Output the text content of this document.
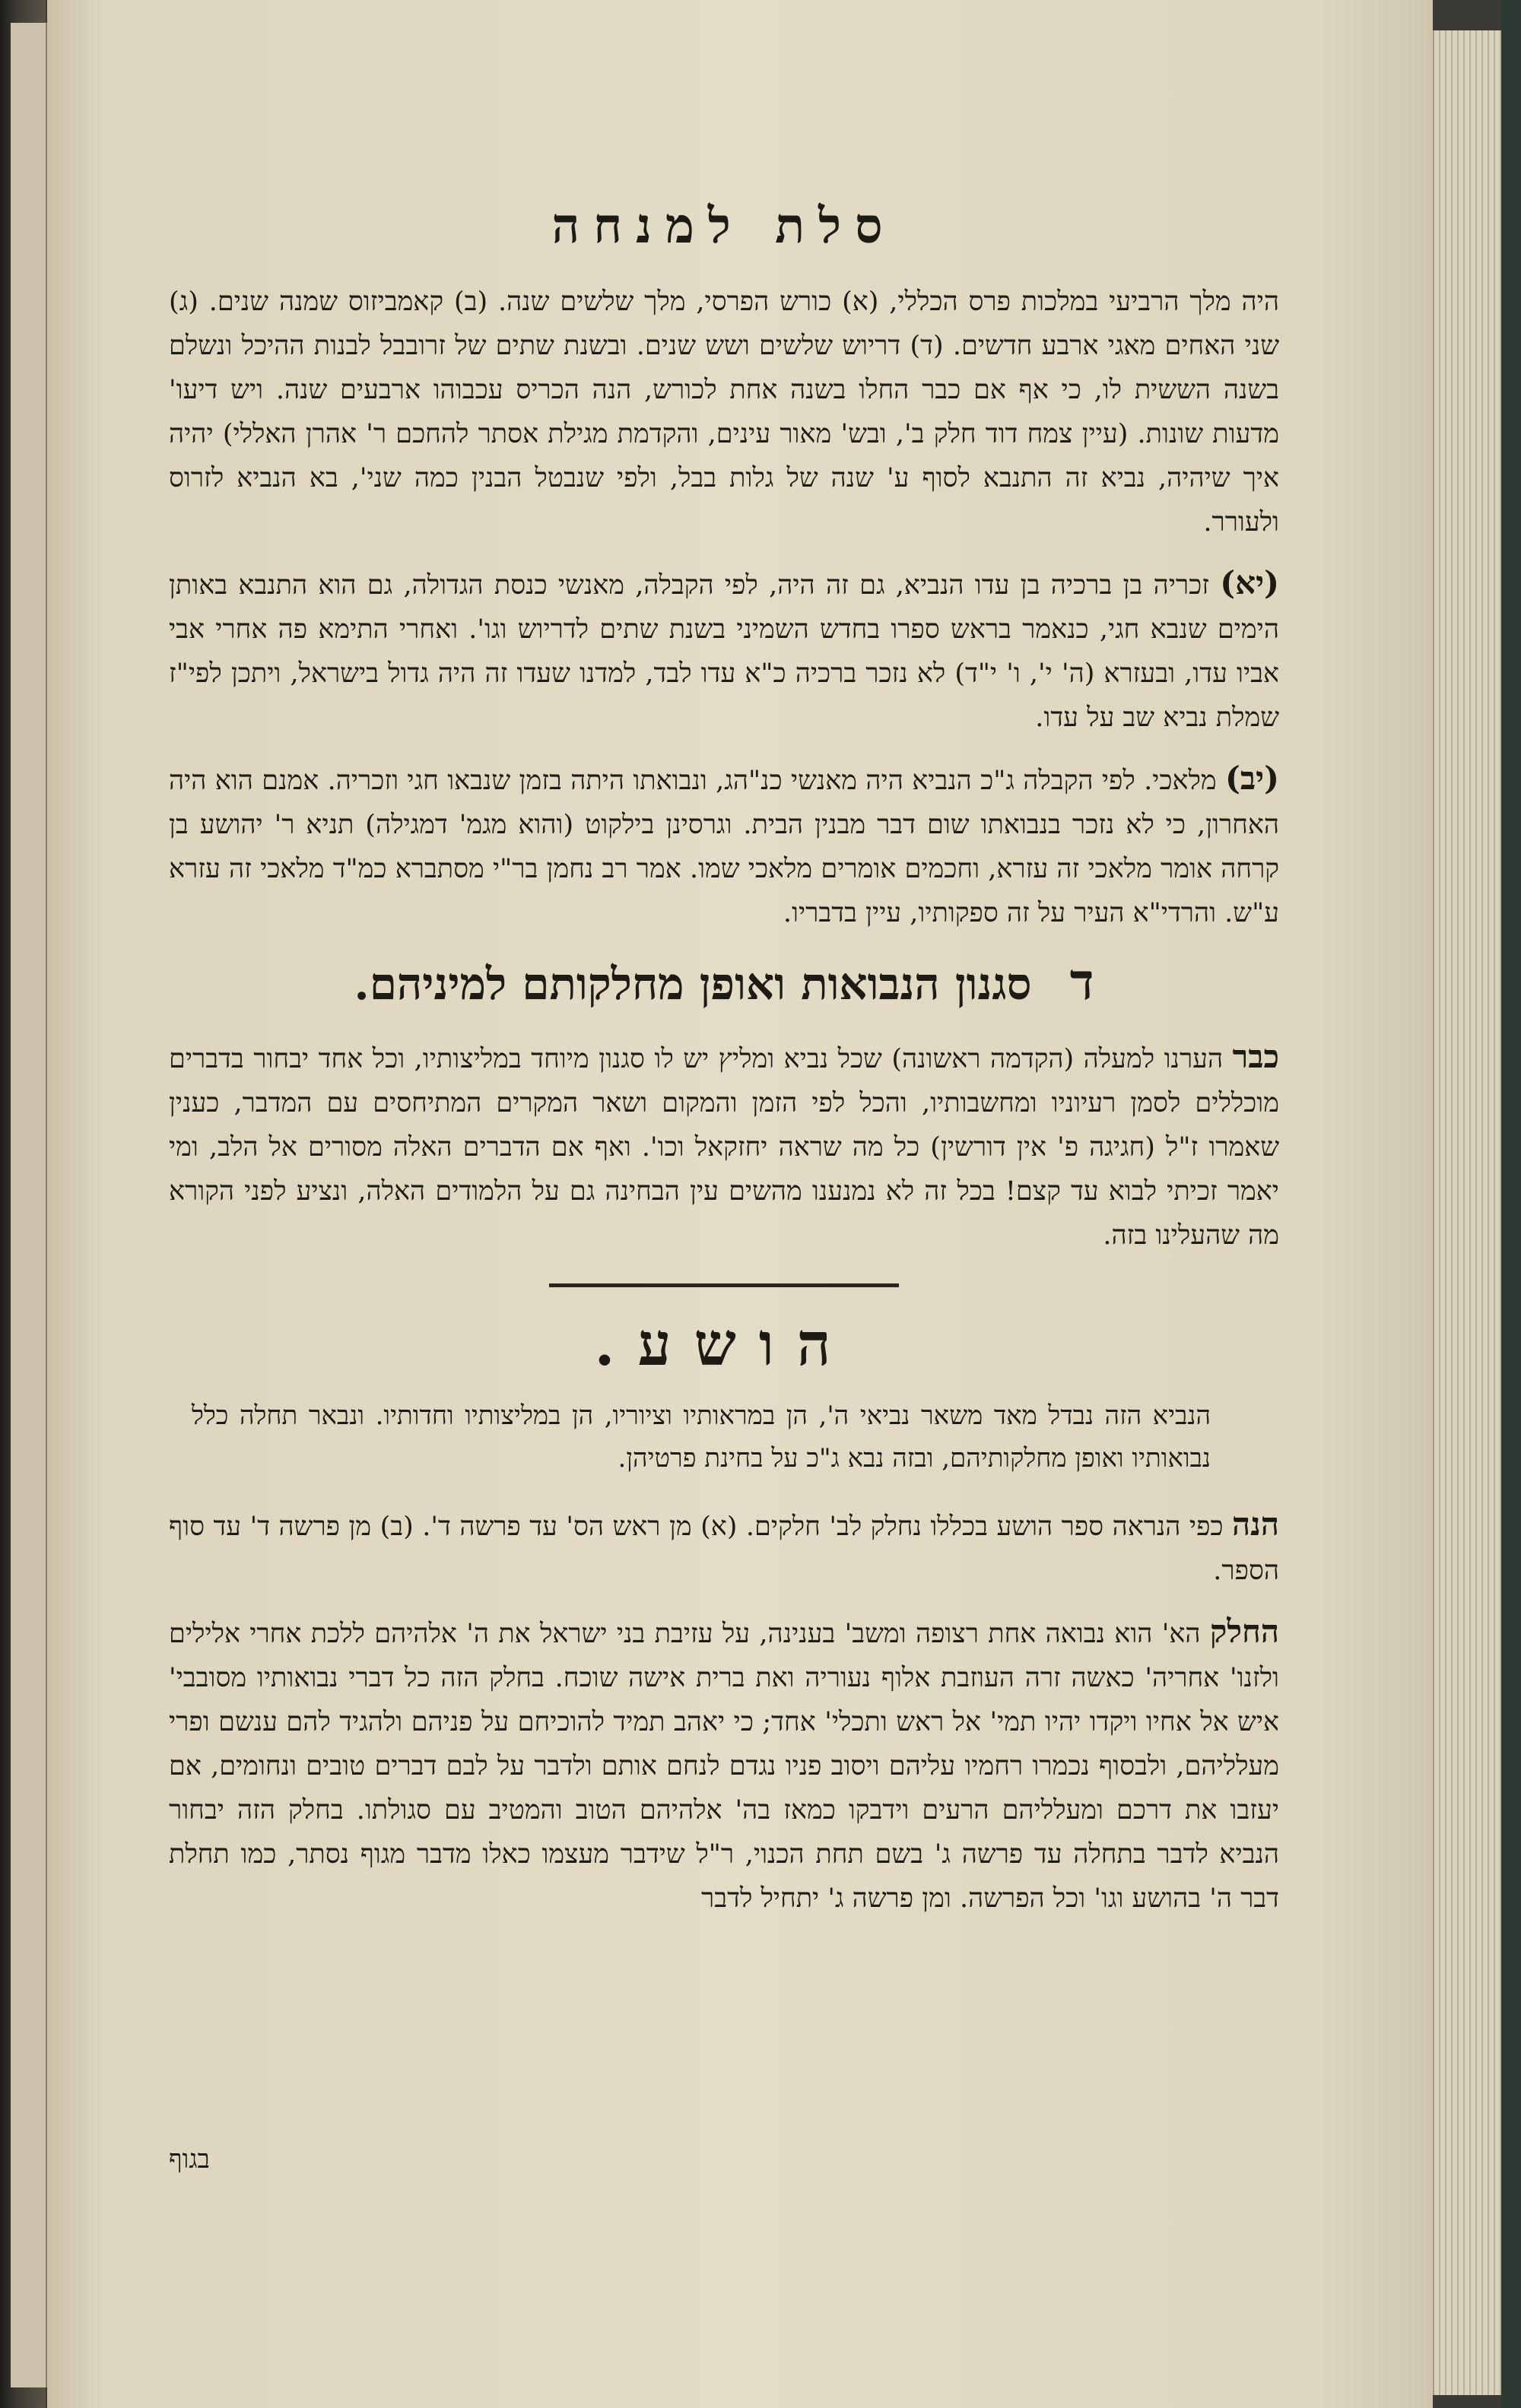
סלת למנחה

היה מלך הרביעי במלכות פרס הכללי, (א) כורש הפרסי, מלך שלשים שנה. (ב) קאמביזוס שמנה שנים. (ג) שני האחים מאגי ארבע חדשים. (ד) דריוש שלשים ושש שנים. ובשנת שתים של זרובבל לבנות ההיכל ונשלם בשנה הששית לו, כי אף אם כבר החלו בשנה אחת לכורש, הנה הכריס עכבוהו ארבעים שנה. ויש דיעו' מדעות שונות. (עיין צמח דוד חלק ב', ובש' מאור עינים, והקדמת מגילת אסתר להחכם ר' אהרן האללי) יהיה איך שיהיה, נביא זה התנבא לסוף ע' שנה של גלות בבל, ולפי שנבטל הבנין כמה שני', בא הנביא לזרוס ולעורר.

(יא) זכריה בן ברכיה בן עדו הנביא, גם זה היה, לפי הקבלה, מאנשי כנסת הגדולה, גם הוא התנבא באותן הימים שנבא חגי, כנאמר בראש ספרו בחדש השמיני בשנת שתים לדריוש וגו'. ואחרי התימא פה אחרי אבי אביו עדו, ובעזרא (ה' י', ו' י"ד) לא נזכר ברכיה כ"א עדו לבד, למדנו שעדו זה היה גדול בישראל, ויתכן לפי"ז שמלת נביא שב על עדו.

(יב) מלאכי. לפי הקבלה ג"כ הנביא היה מאנשי כנ"הג, ונבואתו היתה בזמן שנבאו חגי וזכריה. אמנם הוא היה האחרון, כי לא נזכר בנבואתו שום דבר מבנין הבית. וגרסינן בילקוט (והוא מגמ' דמגילה) תניא ר' יהושע בן קרחה אומר מלאכי זה עזרא, וחכמים אומרים מלאכי שמו. אמר רב נחמן בר"י מסתברא כמ"ד מלאכי זה עזרא ע"ש. והרדי"א העיר על זה ספקותיו, עיין בדבריו.

ד סגנון הנבואות ואופן מחלקותם למיניהם.

כבר הערנו למעלה (הקדמה ראשונה) שכל נביא ומליץ יש לו סגנון מיוחד במליצותיו, וכל אחד יבחור בדברים מוכללים לסמן רעיוניו ומחשבותיו, והכל לפי הזמן והמקום ושאר המקרים המתיחסים עם המדבר, כענין שאמרו ז"ל (חגיגה פ' אין דורשין) כל מה שראה יחזקאל וכו'. ואף אם הדברים האלה מסורים אל הלב, ומי יאמר זכיתי לבוא עד קצם! בכל זה לא נמנענו מהשים עין הבחינה גם על הלמודים האלה, ונציע לפני הקורא מה שהעלינו בזה.

הושע.

הנביא הזה נבדל מאד משאר נביאי ה', הן במראותיו וציוריו, הן במליצותיו וחדותיו. ונבאר תחלה כלל נבואותיו ואופן מחלקותיהם, ובזה נבא ג"כ על בחינת פרטיהן.

הנה כפי הנראה ספר הושע בכללו נחלק לב' חלקים. (א) מן ראש הס' עד פרשה ד'. (ב) מן פרשה ד' עד סוף הספר.

החלק הא' הוא נבואה אחת רצופה ומשב' בענינה, על עזיבת בני ישראל את ה' אלהיהם ללכת אחרי אלילים ולזנו' אחריה' כאשה זרה העוזבת אלוף נעוריה ואת ברית אישה שוכח. בחלק הזה כל דברי נבואותיו מסובבי' איש אל אחיו ויקדו יהיו תמי' אל ראש ותכלי' אחד; כי יאהב תמיד להוכיחם על פניהם ולהגיד להם ענשם ופרי מעלליהם, ולבסוף נכמרו רחמיו עליהם ויסוב פניו נגדם לנחם אותם ולדבר על לבם דברים טובים ונחומים, אם יעזבו את דרכם ומעלליהם הרעים וידבקו כמאז בה' אלהיהם הטוב והמטיב עם סגולתו. בחלק הזה יבחור הנביא לדבר בתחלה עד פרשה ג' בשם תחת הכנוי, ר"ל שידבר מעצמו כאלו מדבר מגוף נסתר, כמו תחלת דבר ה' בהושע וגו' וכל הפרשה. ומן פרשה ג' יתחיל לדבר

בגוף
